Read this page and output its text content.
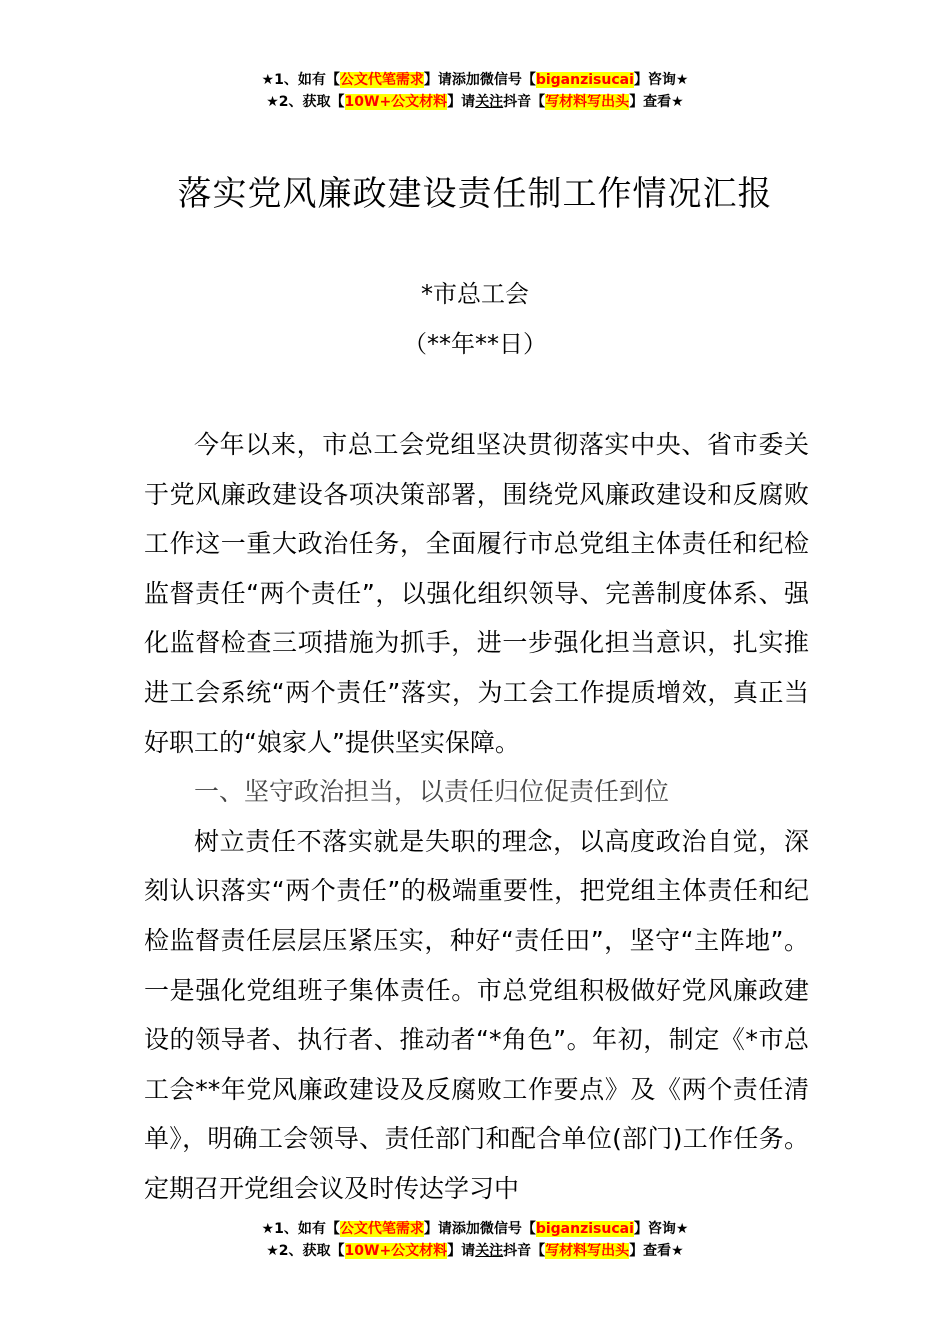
★1、如有【公文代笔需求】请添加微信号【biganzisucai】咨询★
★2、获取【10W+公文材料】请关注抖音【写材料写出头】查看★
落实党风廉政建设责任制工作情况汇报
*市总工会
（**年**日）

今年以来，市总工会党组坚决贯彻落实中央、省市委关于党风廉政建设各项决策部署，围绕党风廉政建设和反腐败工作这一重大政治任务，全面履行市总党组主体责任和纪检监督责任“两个责任”，以强化组织领导、完善制度体系、强化监督检查三项措施为抓手，进一步强化担当意识，扎实推进工会系统“两个责任”落实，为工会工作提质增效，真正当好职工的“娘家人”提供坚实保障。

一、坚守政治担当，以责任归位促责任到位

树立责任不落实就是失职的理念，以高度政治自觉，深刻认识落实“两个责任”的极端重要性，把党组主体责任和纪检监督责任层层压紧压实，种好“责任田”，坚守“主阵地”。一是强化党组班子集体责任。市总党组积极做好党风廉政建设的领导者、执行者、推动者“*角色”。年初，制定《*市总工会**年党风廉政建设及反腐败工作要点》及《两个责任清单》，明确工会领导、责任部门和配合单位(部门)工作任务。定期召开党组会议及时传达学习中

★1、如有【公文代笔需求】请添加微信号【biganzisucai】咨询★
★2、获取【10W+公文材料】请关注抖音【写材料写出头】查看★
